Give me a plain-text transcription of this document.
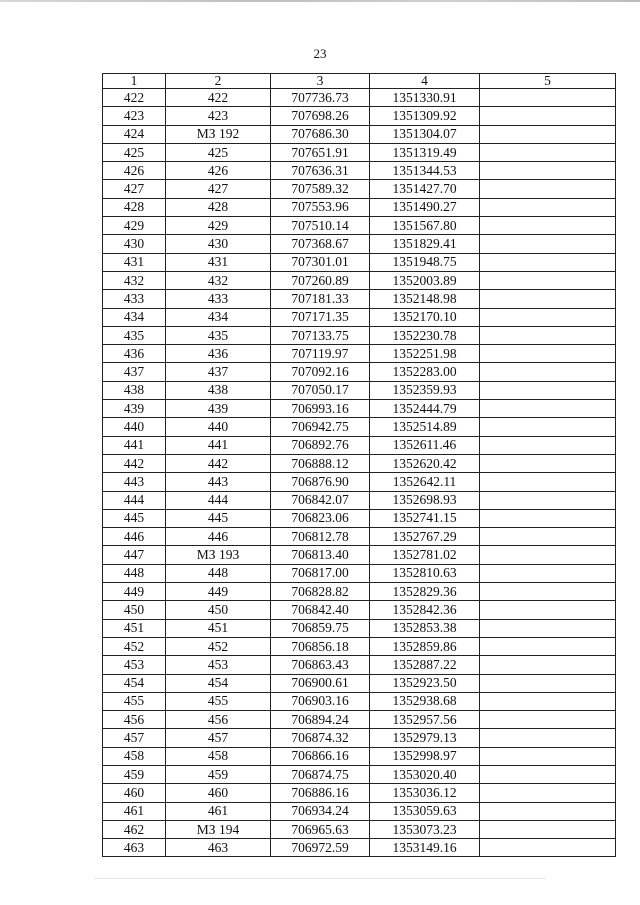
23
1	2	3	4	5
422	422	707736.73	1351330.91	
423	423	707698.26	1351309.92	
424	МЗ 192	707686.30	1351304.07	
425	425	707651.91	1351319.49	
426	426	707636.31	1351344.53	
427	427	707589.32	1351427.70	
428	428	707553.96	1351490.27	
429	429	707510.14	1351567.80	
430	430	707368.67	1351829.41	
431	431	707301.01	1351948.75	
432	432	707260.89	1352003.89	
433	433	707181.33	1352148.98	
434	434	707171.35	1352170.10	
435	435	707133.75	1352230.78	
436	436	707119.97	1352251.98	
437	437	707092.16	1352283.00	
438	438	707050.17	1352359.93	
439	439	706993.16	1352444.79	
440	440	706942.75	1352514.89	
441	441	706892.76	1352611.46	
442	442	706888.12	1352620.42	
443	443	706876.90	1352642.11	
444	444	706842.07	1352698.93	
445	445	706823.06	1352741.15	
446	446	706812.78	1352767.29	
447	МЗ 193	706813.40	1352781.02	
448	448	706817.00	1352810.63	
449	449	706828.82	1352829.36	
450	450	706842.40	1352842.36	
451	451	706859.75	1352853.38	
452	452	706856.18	1352859.86	
453	453	706863.43	1352887.22	
454	454	706900.61	1352923.50	
455	455	706903.16	1352938.68	
456	456	706894.24	1352957.56	
457	457	706874.32	1352979.13	
458	458	706866.16	1352998.97	
459	459	706874.75	1353020.40	
460	460	706886.16	1353036.12	
461	461	706934.24	1353059.63	
462	МЗ 194	706965.63	1353073.23	
463	463	706972.59	1353149.16	
